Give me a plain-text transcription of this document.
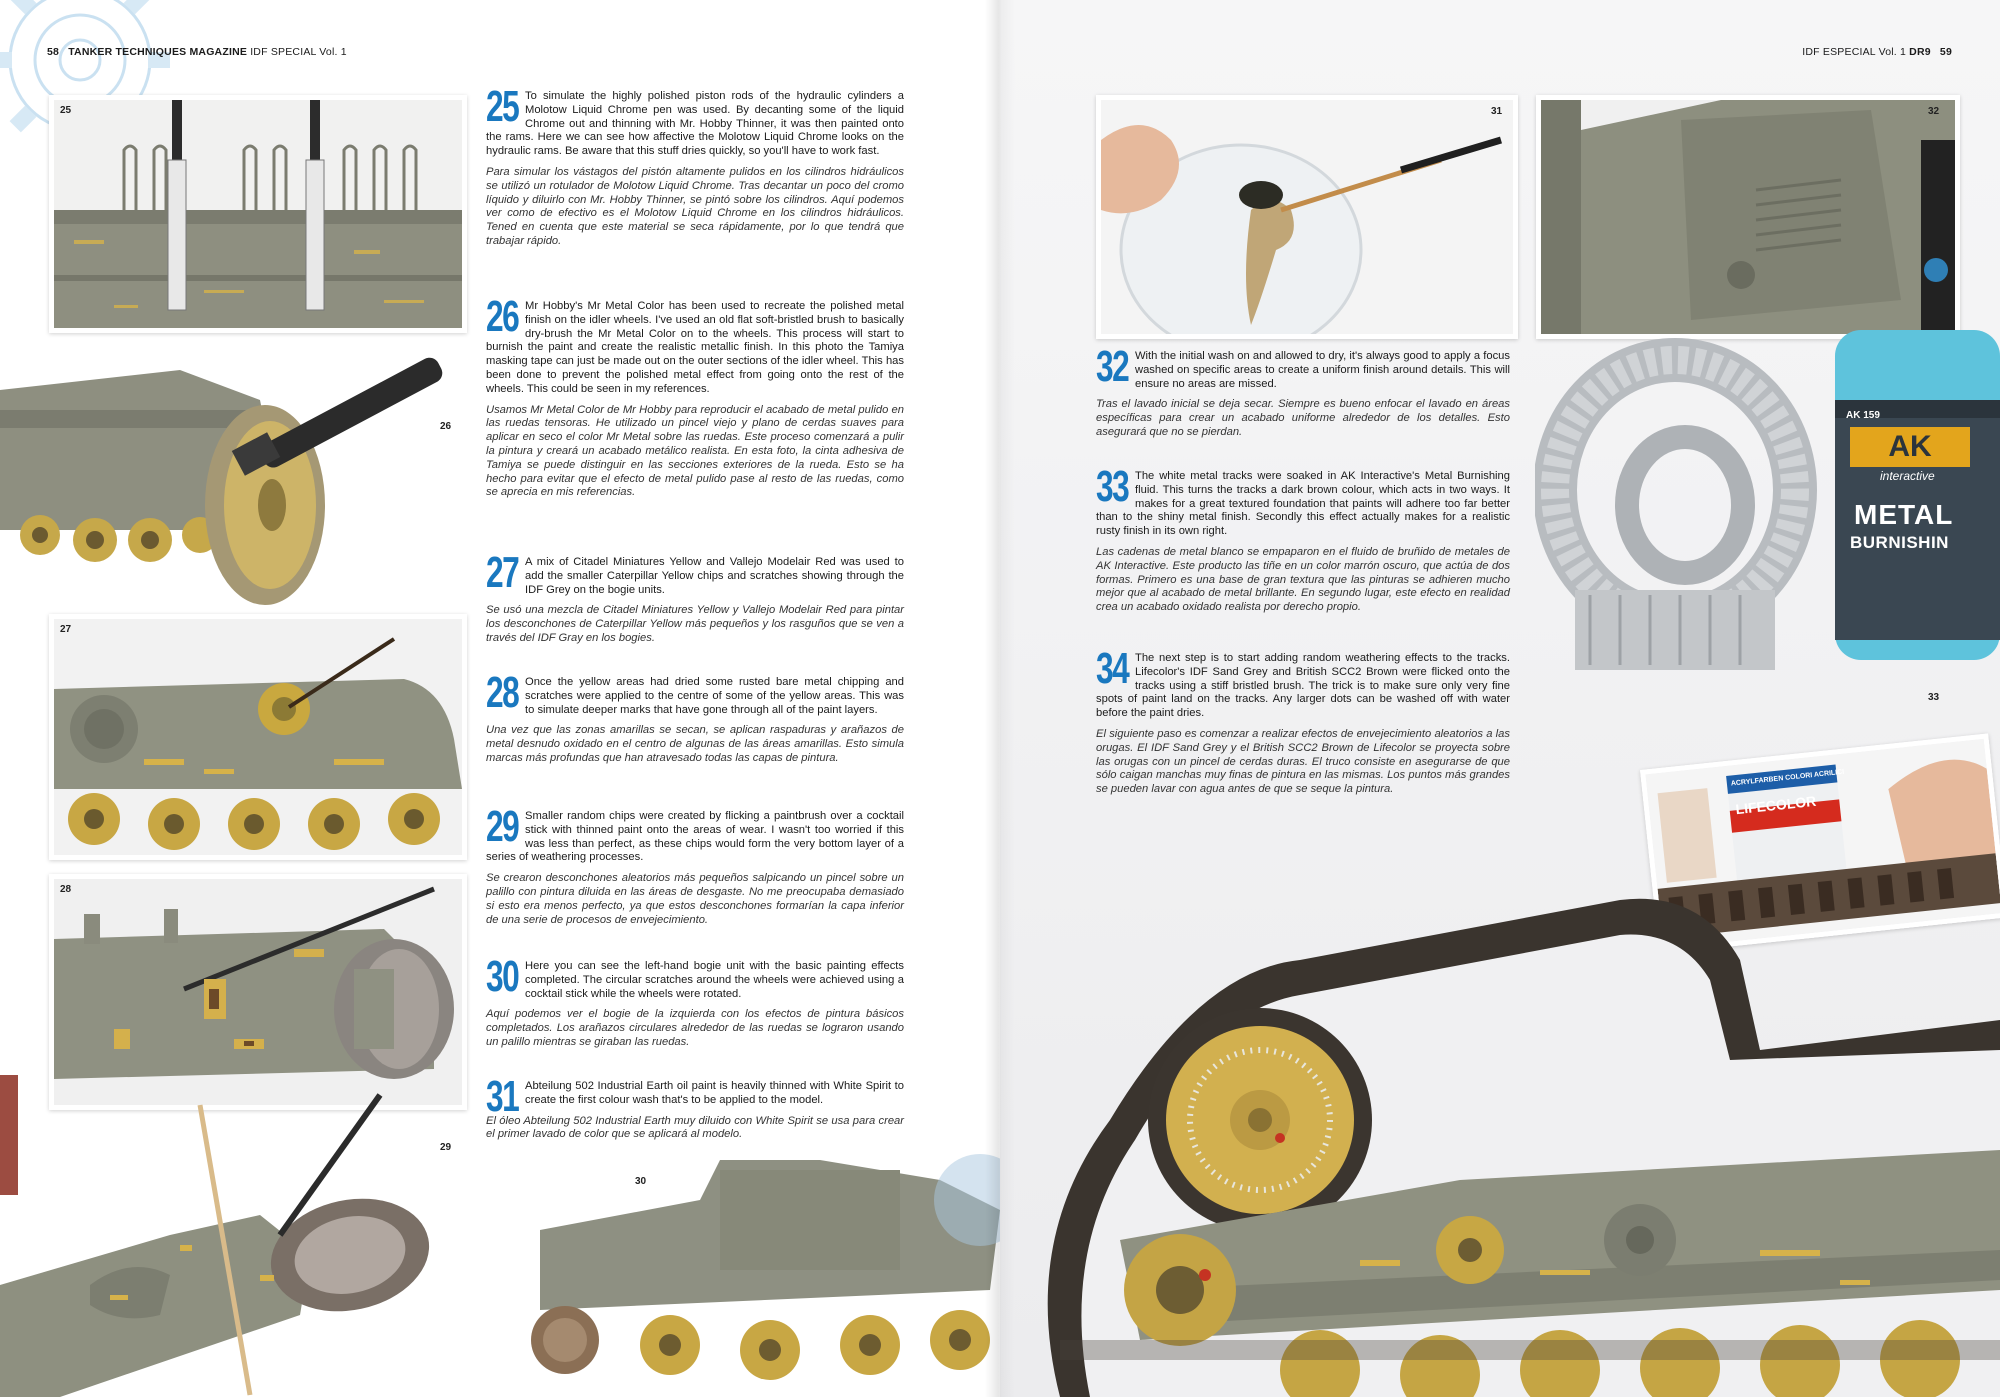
58 TANKER TECHNIQUES MAGAZINE IDF SPECIAL Vol. 1
25
26
27
28
29
30
25 To simulate the highly polished piston rods of the hydraulic cylinders a Molotow Liquid Chrome pen was used. By decanting some of the liquid Chrome out and thinning with Mr. Hobby Thinner, it was then painted onto the rams. Here we can see how affective the Molotow Liquid Chrome looks on the hydraulic rams. Be aware that this stuff dries quickly, so you'll have to work fast.

Para simular los vástagos del pistón altamente pulidos en los cilindros hidráulicos se utilizó un rotulador de Molotow Liquid Chrome. Tras decantar un poco del cromo líquido y diluirlo con Mr. Hobby Thinner, se pintó sobre los cilindros. Aquí podemos ver como de efectivo es el Molotow Liquid Chrome en los cilindros hidráulicos. Tened en cuenta que este material se seca rápidamente, por lo que tendrá que trabajar rápido.

26 Mr Hobby's Mr Metal Color has been used to recreate the polished metal finish on the idler wheels. I've used an old flat soft-bristled brush to basically dry-brush the Mr Metal Color on to the wheels. This process will start to burnish the paint and create the realistic metallic finish. In this photo the Tamiya masking tape can just be made out on the outer sections of the idler wheel. This has been done to prevent the polished metal effect from going onto the rest of the wheels. This could be seen in my references.

Usamos Mr Metal Color de Mr Hobby para reproducir el acabado de metal pulido en las ruedas tensoras. He utilizado un pincel viejo y plano de cerdas suaves para aplicar en seco el color Mr Metal sobre las ruedas. Este proceso comenzará a pulir la pintura y creará un acabado metálico realista. En esta foto, la cinta adhesiva de Tamiya se puede distinguir en las secciones exteriores de la rueda. Esto se ha hecho para evitar que el efecto de metal pulido pase al resto de las ruedas, como se aprecia en mis referencias.

27 A mix of Citadel Miniatures Yellow and Vallejo Modelair Red was used to add the smaller Caterpillar Yellow chips and scratches showing through the IDF Grey on the bogie units.

Se usó una mezcla de Citadel Miniatures Yellow y Vallejo Modelair Red para pintar los desconchones de Caterpillar Yellow más pequeños y los rasguños que se ven a través del IDF Gray en los bogies.

28 Once the yellow areas had dried some rusted bare metal chipping and scratches were applied to the centre of some of the yellow areas. This was to simulate deeper marks that have gone through all of the paint layers.

Una vez que las zonas amarillas se secan, se aplican raspaduras y arañazos de metal desnudo oxidado en el centro de algunas de las áreas amarillas. Esto simula marcas más profundas que han atravesado todas las capas de pintura.

29 Smaller random chips were created by flicking a paintbrush over a cocktail stick with thinned paint onto the areas of wear. I wasn't too worried if this was less than perfect, as these chips would form the very bottom layer of a series of weathering processes.

Se crearon desconchones aleatorios más pequeños salpicando un pincel sobre un palillo con pintura diluida en las áreas de desgaste. No me preocupaba demasiado si esto era menos perfecto, ya que estos desconchones formarían la capa inferior de una serie de procesos de envejecimiento.

30 Here you can see the left-hand bogie unit with the basic painting effects completed. The circular scratches around the wheels were achieved using a cocktail stick while the wheels were rotated.

Aquí podemos ver el bogie de la izquierda con los efectos de pintura básicos completados. Los arañazos circulares alrededor de las ruedas se lograron usando un palillo mientras se giraban las ruedas.

31 Abteilung 502 Industrial Earth oil paint is heavily thinned with White Spirit to create the first colour wash that's to be applied to the model.

El óleo Abteilung 502 Industrial Earth muy diluido con White Spirit se usa para crear el primer lavado de color que se aplicará al modelo.

IDF ESPECIAL Vol. 1 DR9 59
31	32
AK 159
AK
interactive
METAL
BURNISHIN
33
ACRYLFARBEN COLORI ACRILICI
LIFECOLOR
32 With the initial wash on and allowed to dry, it's always good to apply a focus washed on specific areas to create a uniform finish around details. This will ensure no areas are missed.

Tras el lavado inicial se deja secar. Siempre es bueno enfocar el lavado en áreas específicas para crear un acabado uniforme alrededor de los detalles. Esto asegurará que no se pierdan.

33 The white metal tracks were soaked in AK Interactive's Metal Burnishing fluid. This turns the tracks a dark brown colour, which acts in two ways. It makes for a great textured foundation that paints will adhere too far better than to the shiny metal finish. Secondly this effect actually makes for a realistic rusty finish in its own right.

Las cadenas de metal blanco se empaparon en el fluido de bruñido de metales de AK Interactive. Este producto las tiñe en un color marrón oscuro, que actúa de dos formas. Primero es una base de gran textura que las pinturas se adhieren mucho mejor que al acabado de metal brillante. En segundo lugar, este efecto en realidad crea un acabado oxidado realista por derecho propio.

34 The next step is to start adding random weathering effects to the tracks. Lifecolor's IDF Sand Grey and British SCC2 Brown were flicked onto the tracks using a stiff bristled brush. The trick is to make sure only very fine spots of paint land on the tracks. Any larger dots can be washed off with water before the paint dries.

El siguiente paso es comenzar a realizar efectos de envejecimiento aleatorios a las orugas. El IDF Sand Grey y el British SCC2 Brown de Lifecolor se proyecta sobre las orugas con un pincel de cerdas duras. El truco consiste en asegurarse de que sólo caigan manchas muy finas de pintura en las mismas. Los puntos más grandes se pueden lavar con agua antes de que se seque la pintura.
